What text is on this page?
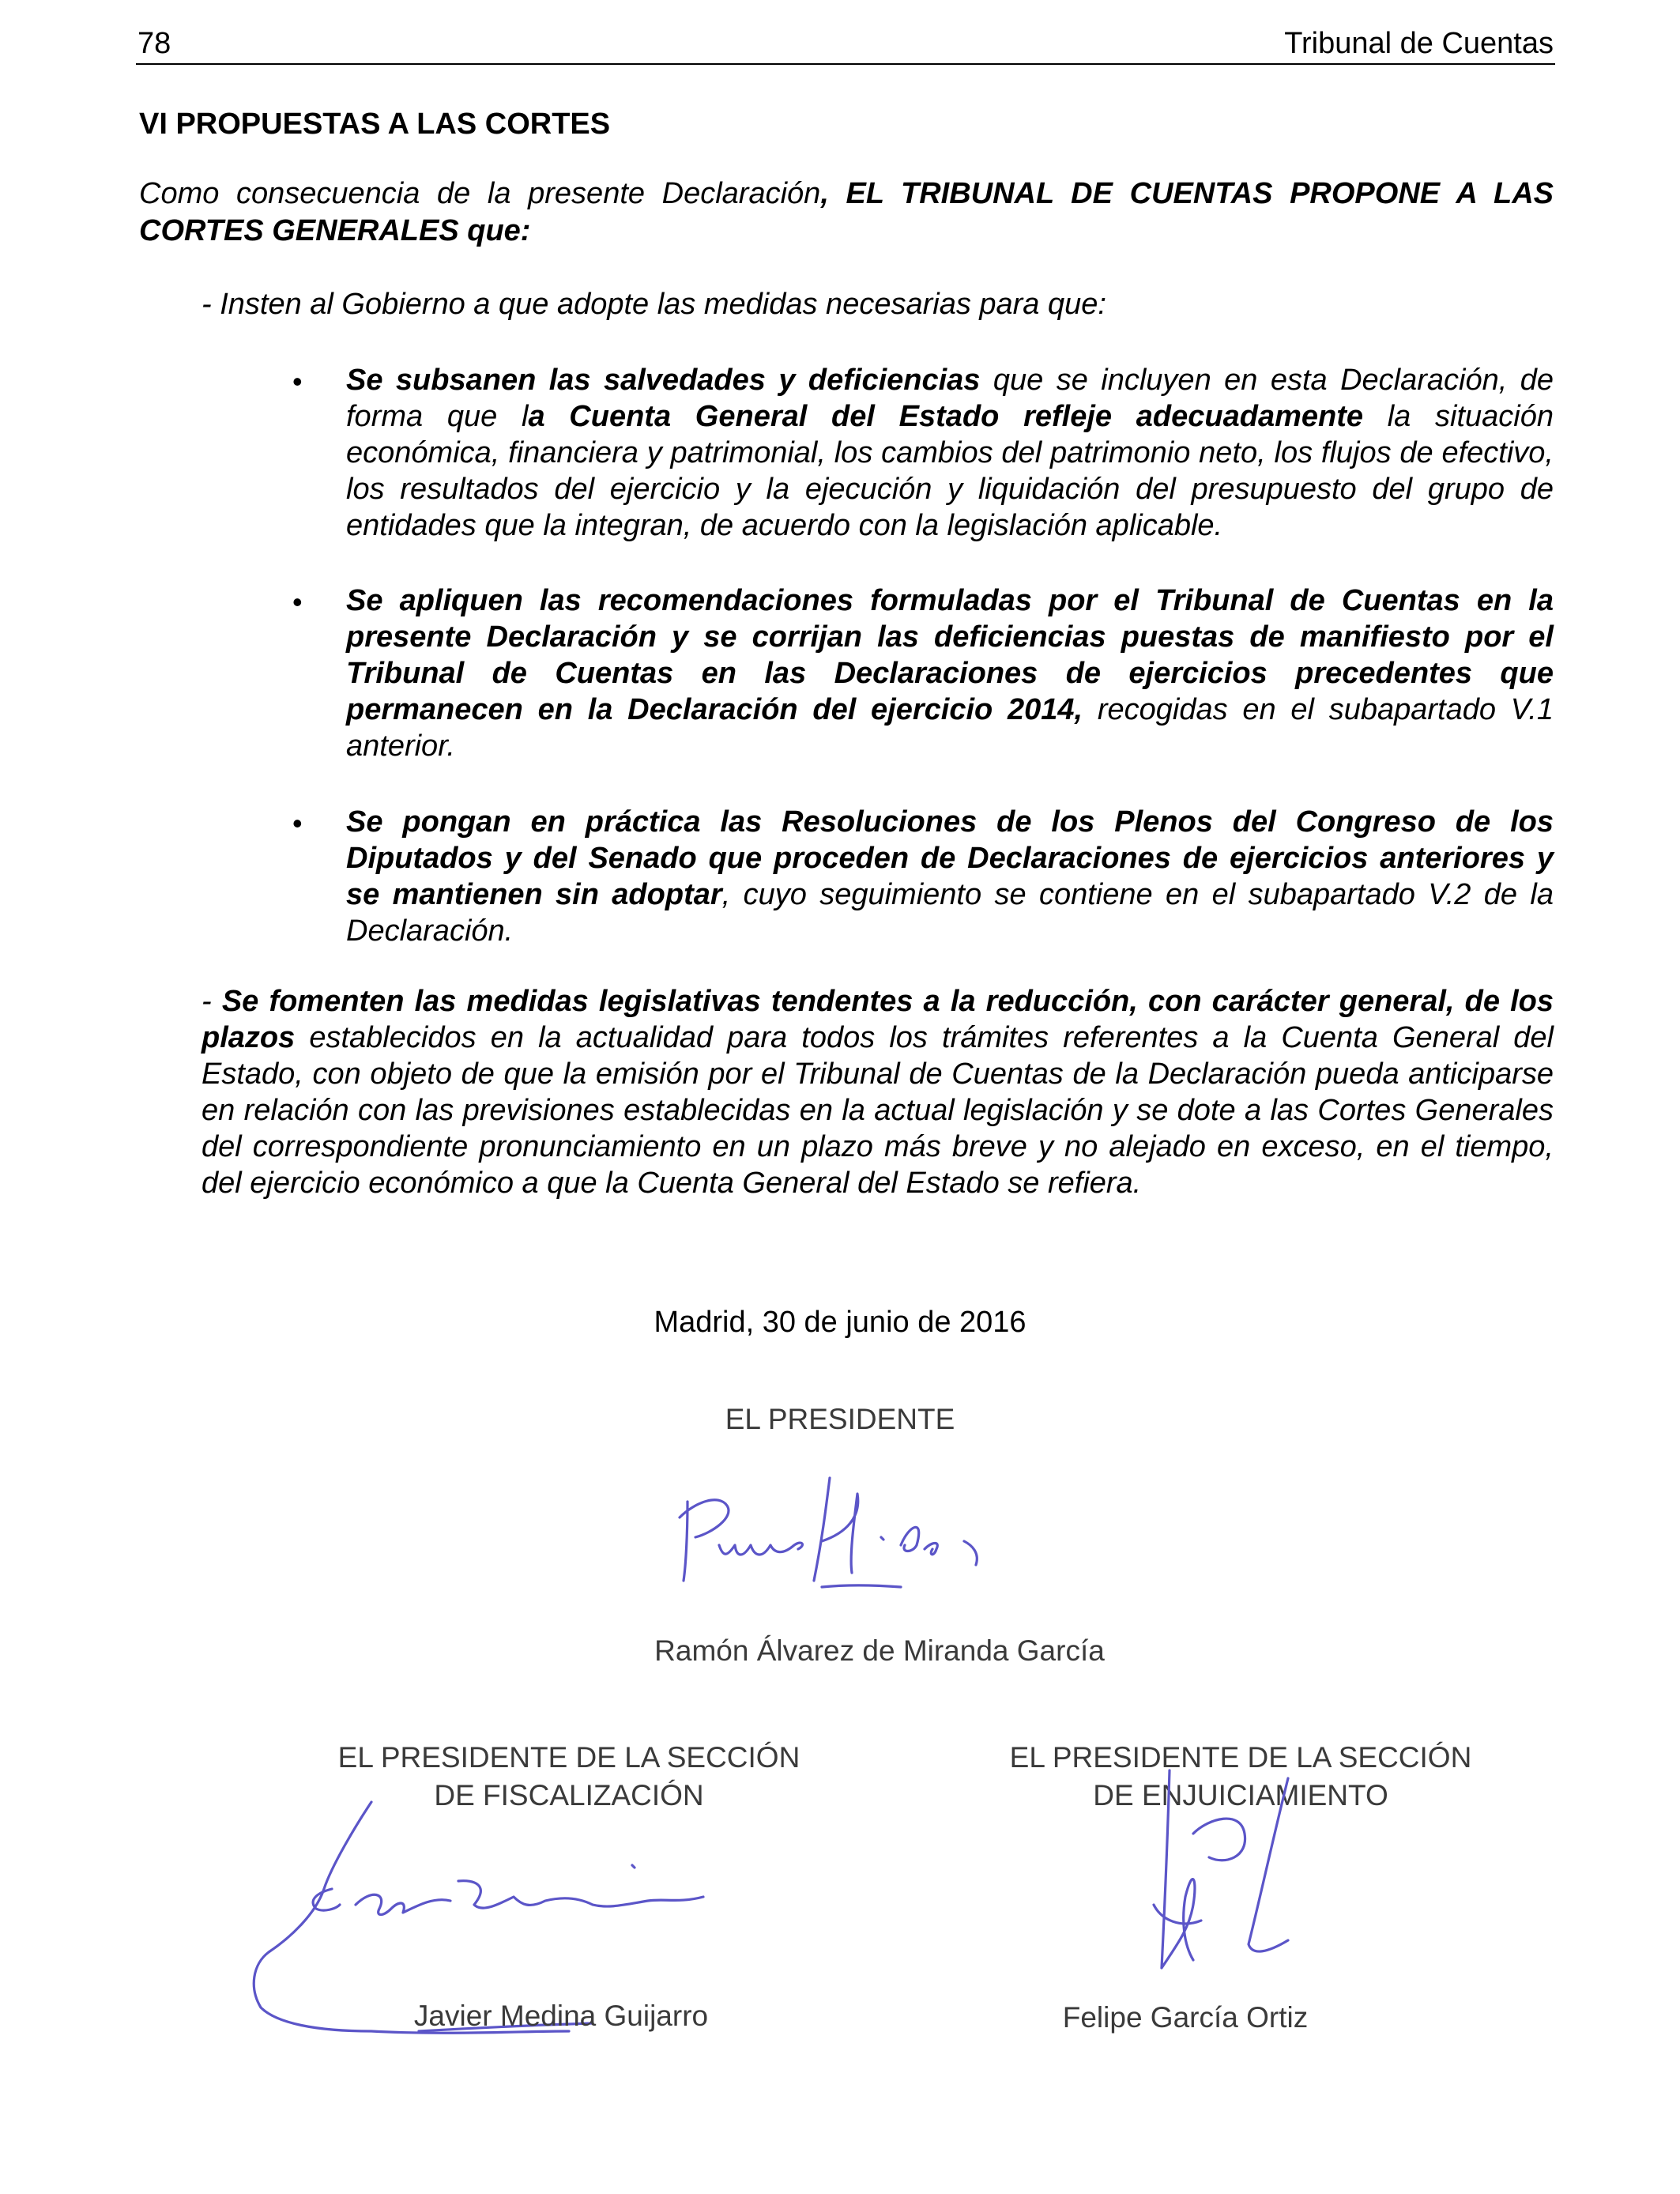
78	Tribunal de Cuentas
VI PROPUESTAS A LAS CORTES
Como consecuencia de la presente Declaración, EL TRIBUNAL DE CUENTAS PROPONE A LAS CORTES GENERALES que:
- Insten al Gobierno a que adopte las medidas necesarias para que:
• Se subsanen las salvedades y deficiencias que se incluyen en esta Declaración, de forma que la Cuenta General del Estado refleje adecuadamente la situación económica, financiera y patrimonial, los cambios del patrimonio neto, los flujos de efectivo, los resultados del ejercicio y la ejecución y liquidación del presupuesto del grupo de entidades que la integran, de acuerdo con la legislación aplicable.
• Se apliquen las recomendaciones formuladas por el Tribunal de Cuentas en la presente Declaración y se corrijan las deficiencias puestas de manifiesto por el Tribunal de Cuentas en las Declaraciones de ejercicios precedentes que permanecen en la Declaración del ejercicio 2014, recogidas en el subapartado V.1 anterior.
• Se pongan en práctica las Resoluciones de los Plenos del Congreso de los Diputados y del Senado que proceden de Declaraciones de ejercicios anteriores y se mantienen sin adoptar, cuyo seguimiento se contiene en el subapartado V.2 de la Declaración.
- Se fomenten las medidas legislativas tendentes a la reducción, con carácter general, de los plazos establecidos en la actualidad para todos los trámites referentes a la Cuenta General del Estado, con objeto de que la emisión por el Tribunal de Cuentas de la Declaración pueda anticiparse en relación con las previsiones establecidas en la actual legislación y se dote a las Cortes Generales del correspondiente pronunciamiento en un plazo más breve y no alejado en exceso, en el tiempo, del ejercicio económico a que la Cuenta General del Estado se refiera.
Madrid, 30 de junio de 2016
EL PRESIDENTE
Ramón Álvarez de Miranda García
EL PRESIDENTE DE LA SECCIÓN
DE FISCALIZACIÓN
Javier Medina Guijarro
EL PRESIDENTE DE LA SECCIÓN
DE ENJUICIAMIENTO
Felipe García Ortiz
